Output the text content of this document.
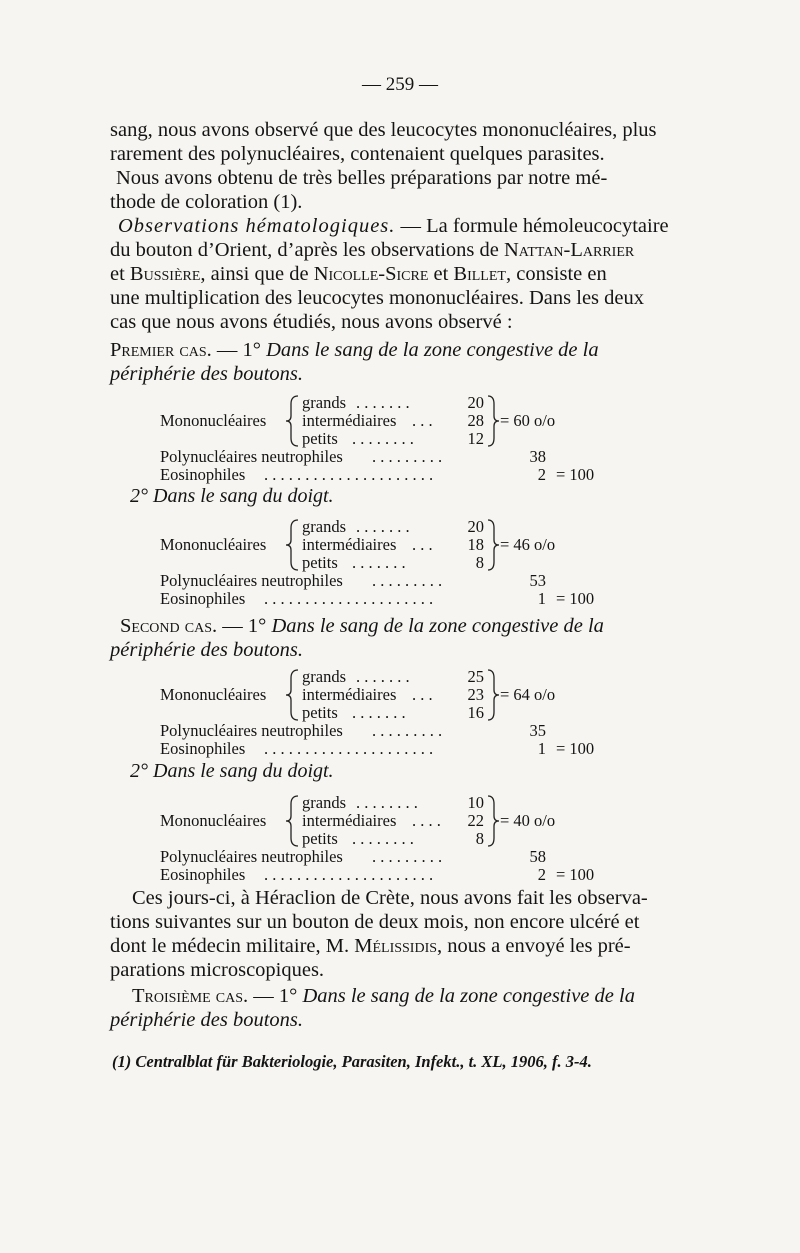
— 259 —
sang, nous avons observé que des leucocytes mononucléaires, plus
rarement des polynucléaires, contenaient quelques parasites.
Nous avons obtenu de très belles préparations par notre mé-
thode de coloration (1).
Observations hématologiques. — La formule hémoleucocytaire
du bouton d’Orient, d’après les observations de Nattan-Larrier
et Bussière, ainsi que de Nicolle-Sicre et Billet, consiste en
une multiplication des leucocytes mononucléaires. Dans les deux
cas que nous avons étudiés, nous avons observé :
Premier cas. — 1° Dans le sang de la zone congestive de la
périphérie des boutons.
grands . . . . . . .	20
Mononucléaires intermédiaires . . .	28 = 60 o/o
petits . . . . . . . .	12
Polynucléaires neutrophiles . . . . . . . . .	38
Eosinophiles . . . . . . . . . . . . . . . . . . . . .	2 = 100
2° Dans le sang du doigt.
grands . . . . . . .	20
Mononucléaires intermédiaires . . .	18 = 46 o/o
petits . . . . . . .	8
Polynucléaires neutrophiles . . . . . . . . .	53
Eosinophiles . . . . . . . . . . . . . . . . . . . . .	1 = 100
Second cas. — 1° Dans le sang de la zone congestive de la
périphérie des boutons.
grands . . . . . . .	25
Mononucléaires intermédiaires . . .	23 = 64 o/o
petits . . . . . . .	16
Polynucléaires neutrophiles . . . . . . . . .	35
Eosinophiles . . . . . . . . . . . . . . . . . . . . .	1 = 100
2° Dans le sang du doigt.
grands . . . . . . . .	10
Mononucléaires intermédiaires . . . .	22 = 40 o/o
petits . . . . . . . .	8
Polynucléaires neutrophiles . . . . . . . . .	58
Eosinophiles . . . . . . . . . . . . . . . . . . . . .	2 = 100
Ces jours-ci, à Héraclion de Crète, nous avons fait les observa-
tions suivantes sur un bouton de deux mois, non encore ulcéré et
dont le médecin militaire, M. Mélissidis, nous a envoyé les pré-
parations microscopiques.
Troisième cas. — 1° Dans le sang de la zone congestive de la
périphérie des boutons.
(1) Centralblat für Bakteriologie, Parasiten, Infekt., t. XL, 1906, f. 3-4.
